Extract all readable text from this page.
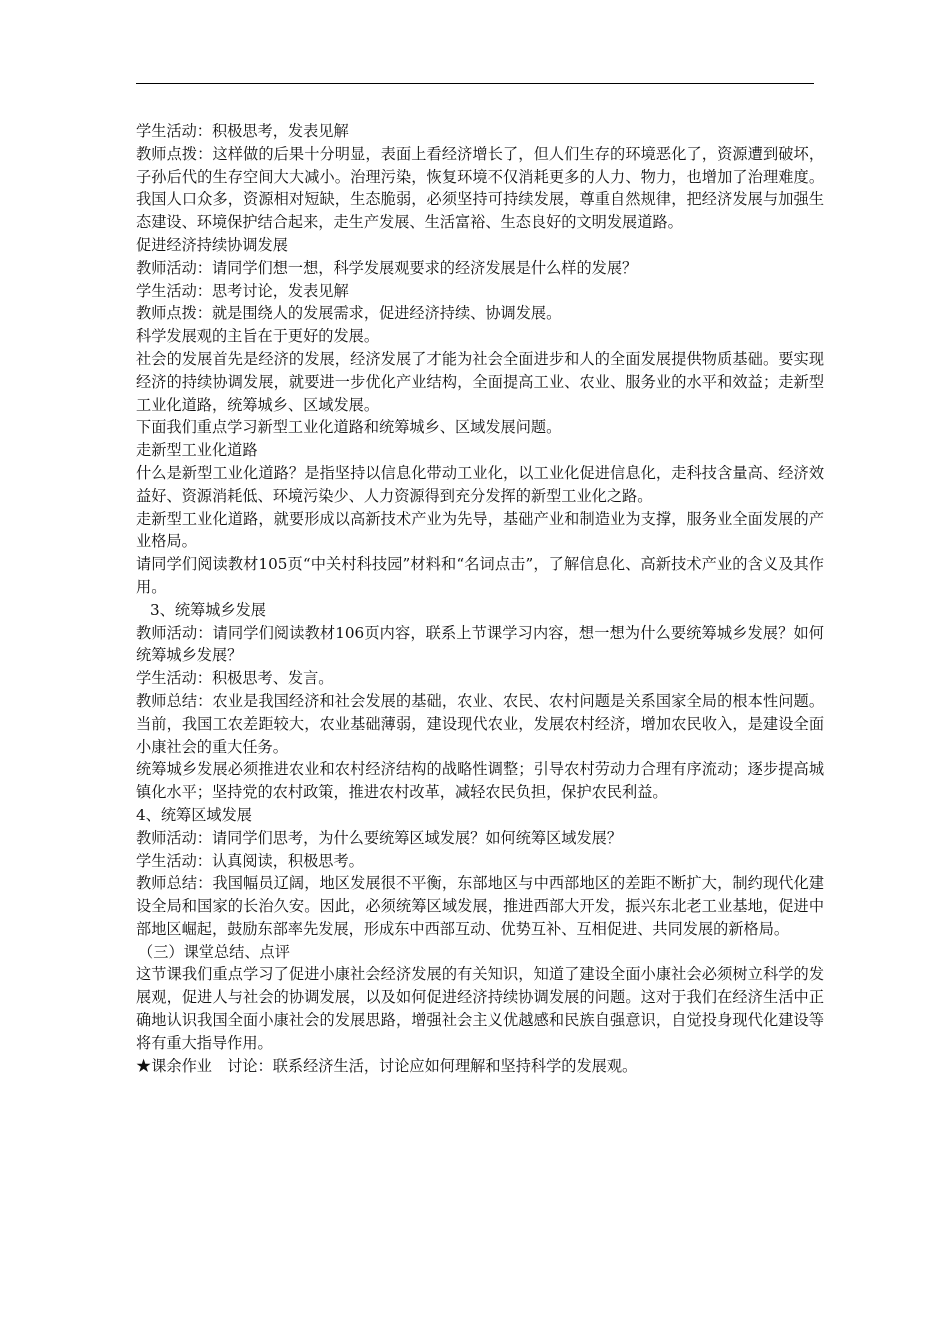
学生活动：积极思考，发表见解

教师点拨：这样做的后果十分明显，表面上看经济增长了，但人们生存的环境恶化了，资源遭到破坏，子孙后代的生存空间大大减小。治理污染，恢复环境不仅消耗更多的人力、物力，也增加了治理难度。我国人口众多，资源相对短缺，生态脆弱，必须坚持可持续发展，尊重自然规律，把经济发展与加强生态建设、环境保护结合起来，走生产发展、生活富裕、生态良好的文明发展道路。

促进经济持续协调发展

教师活动：请同学们想一想，科学发展观要求的经济发展是什么样的发展？

学生活动：思考讨论，发表见解

教师点拨：就是围绕人的发展需求，促进经济持续、协调发展。

科学发展观的主旨在于更好的发展。

社会的发展首先是经济的发展，经济发展了才能为社会全面进步和人的全面发展提供物质基础。要实现经济的持续协调发展，就要进一步优化产业结构，全面提高工业、农业、服务业的水平和效益；走新型工业化道路，统筹城乡、区域发展。

下面我们重点学习新型工业化道路和统筹城乡、区域发展问题。

走新型工业化道路

什么是新型工业化道路？是指坚持以信息化带动工业化，以工业化促进信息化，走科技含量高、经济效益好、资源消耗低、环境污染少、人力资源得到充分发挥的新型工业化之路。

走新型工业化道路，就要形成以高新技术产业为先导，基础产业和制造业为支撑，服务业全面发展的产业格局。

请同学们阅读教材105页“中关村科技园”材料和“名词点击”，了解信息化、高新技术产业的含义及其作用。

3、统筹城乡发展

教师活动：请同学们阅读教材106页内容，联系上节课学习内容，想一想为什么要统筹城乡发展？如何统筹城乡发展？

学生活动：积极思考、发言。

教师总结：农业是我国经济和社会发展的基础，农业、农民、农村问题是关系国家全局的根本性问题。当前，我国工农差距较大，农业基础薄弱，建设现代农业，发展农村经济，增加农民收入，是建设全面小康社会的重大任务。

统筹城乡发展必须推进农业和农村经济结构的战略性调整；引导农村劳动力合理有序流动；逐步提高城镇化水平；坚持党的农村政策，推进农村改革，减轻农民负担，保护农民利益。

4、统筹区域发展

教师活动：请同学们思考，为什么要统筹区域发展？如何统筹区域发展？

学生活动：认真阅读，积极思考。

教师总结：我国幅员辽阔，地区发展很不平衡，东部地区与中西部地区的差距不断扩大，制约现代化建设全局和国家的长治久安。因此，必须统筹区域发展，推进西部大开发，振兴东北老工业基地，促进中部地区崛起，鼓励东部率先发展，形成东中西部互动、优势互补、互相促进、共同发展的新格局。

（三）课堂总结、点评

这节课我们重点学习了促进小康社会经济发展的有关知识，知道了建设全面小康社会必须树立科学的发展观，促进人与社会的协调发展，以及如何促进经济持续协调发展的问题。这对于我们在经济生活中正确地认识我国全面小康社会的发展思路，增强社会主义优越感和民族自强意识，自觉投身现代化建设等将有重大指导作用。

★课余作业　讨论：联系经济生活，讨论应如何理解和坚持科学的发展观。
